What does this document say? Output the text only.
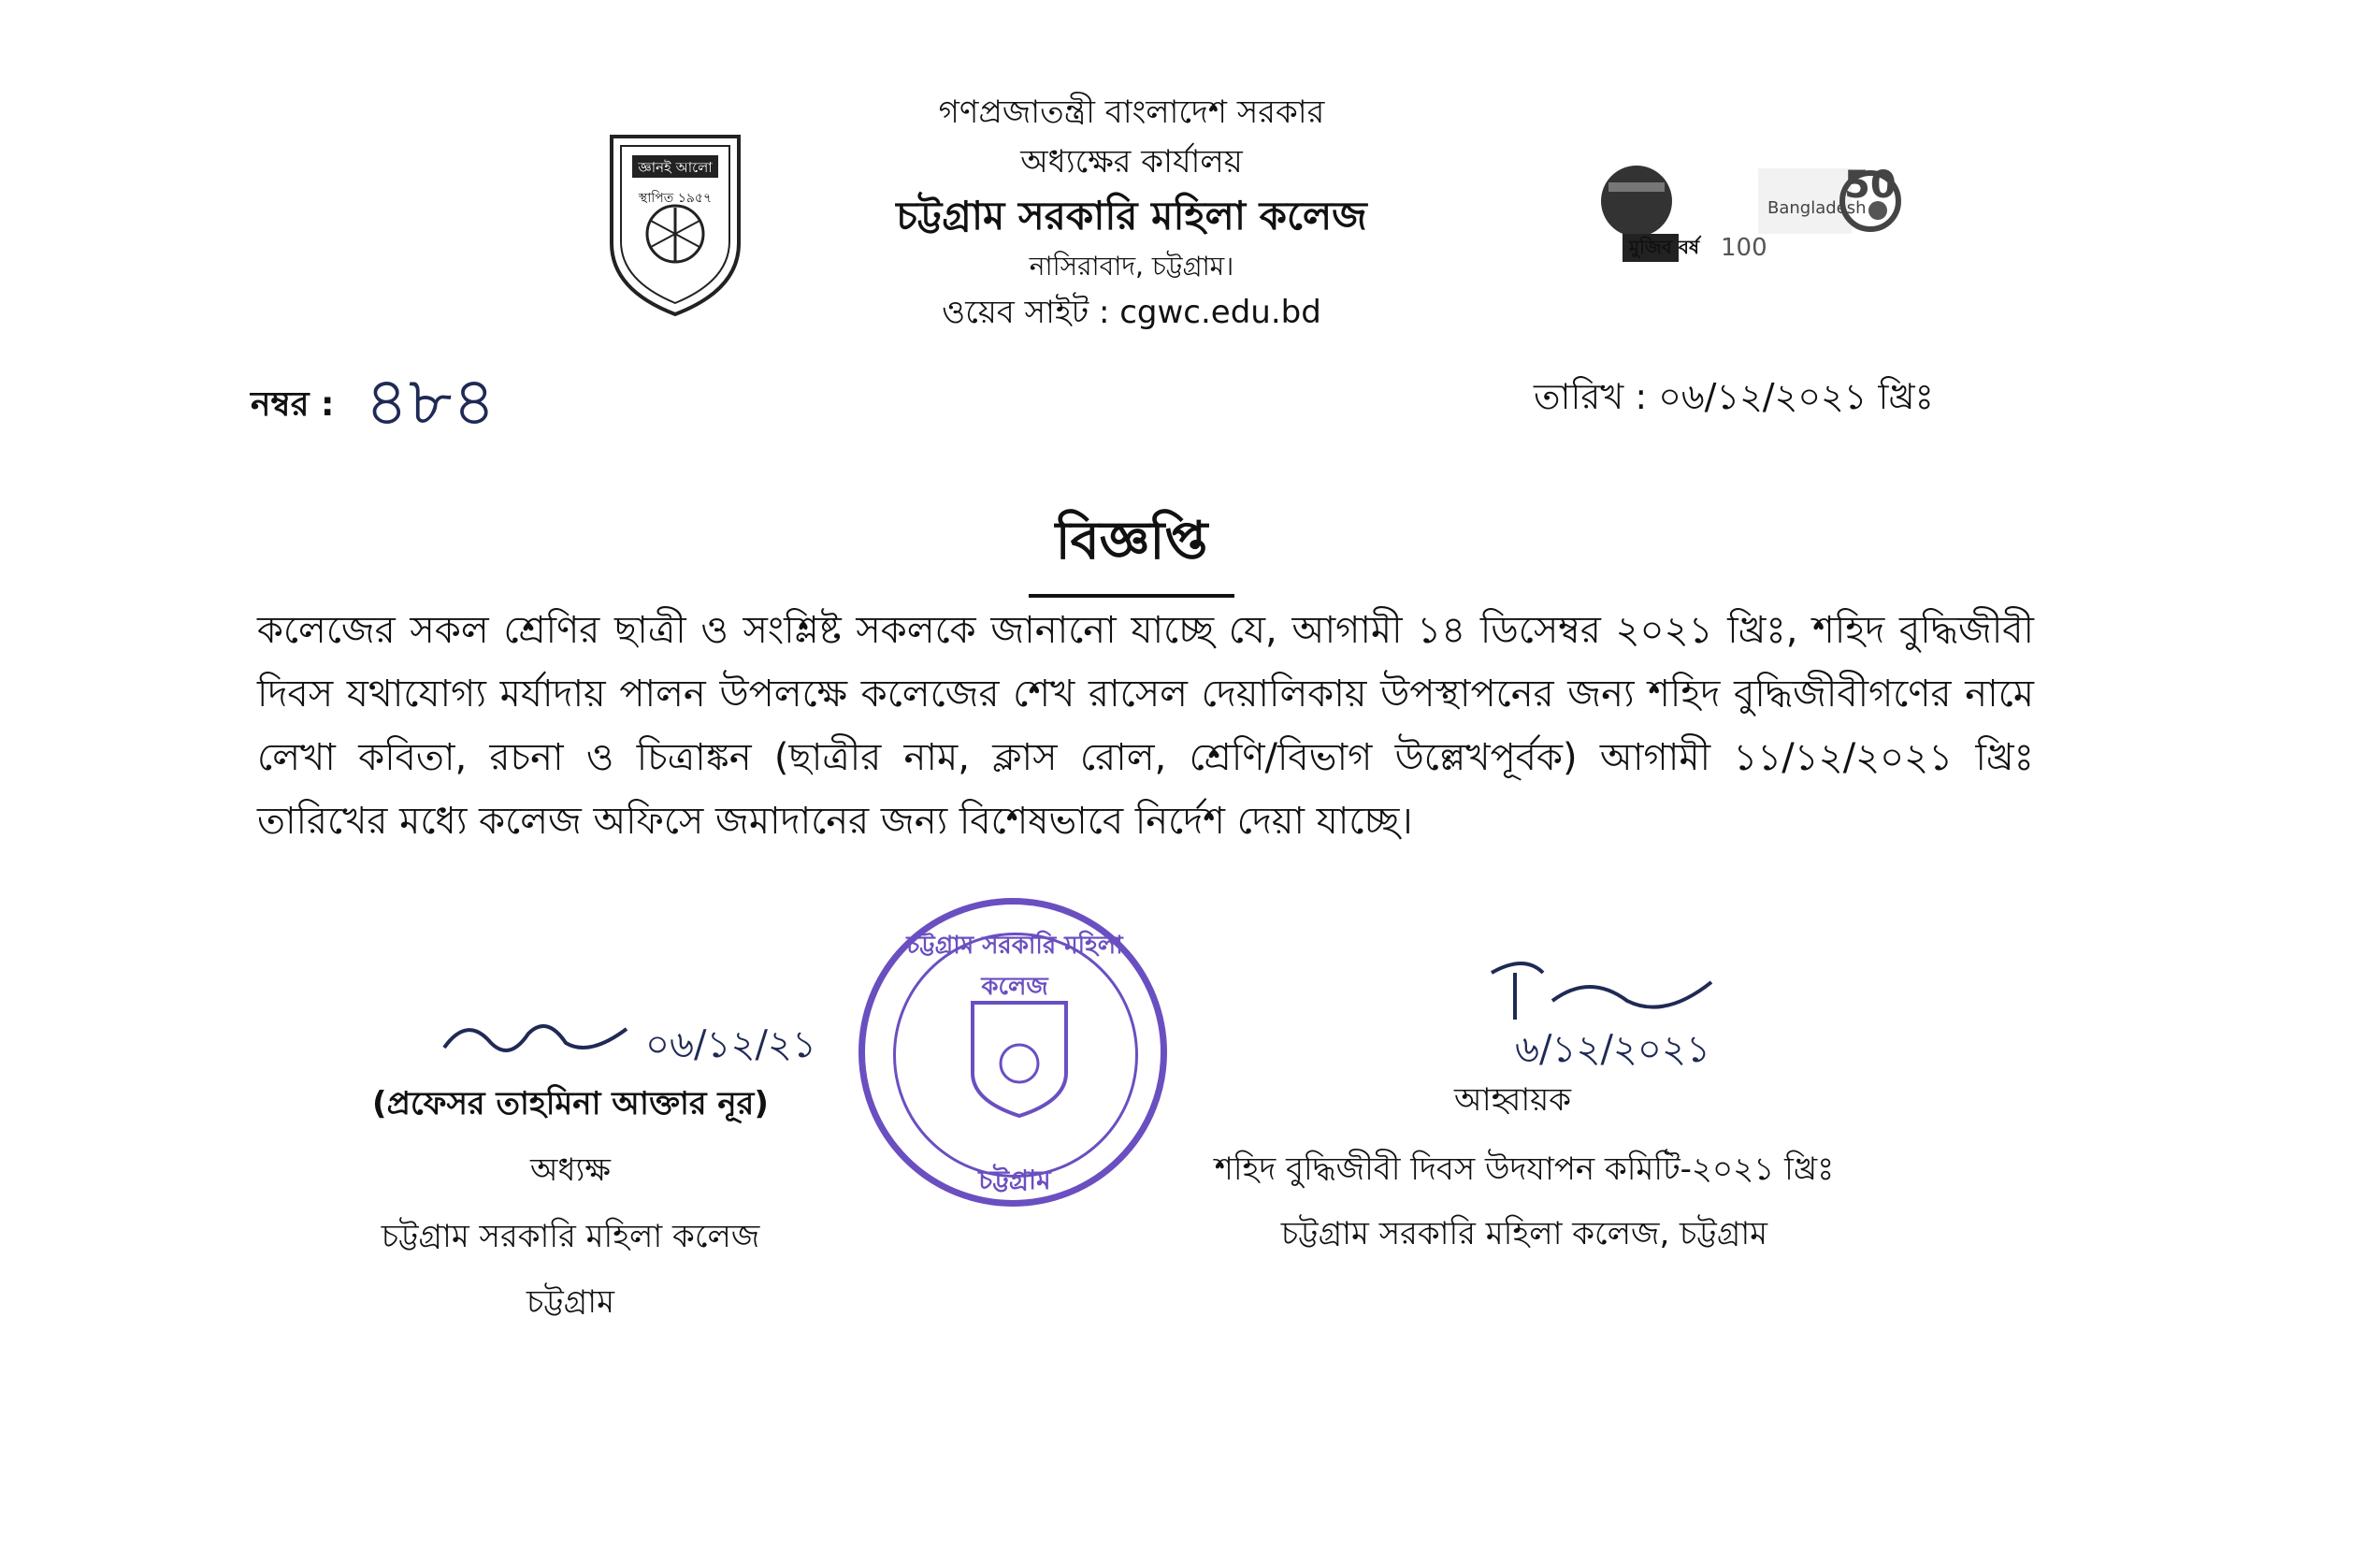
গণপ্রজাতন্ত্রী বাংলাদেশ সরকার
অধ্যক্ষের কার্যালয়
চট্টগ্রাম সরকারি মহিলা কলেজ
নাসিরাবাদ, চট্টগ্রাম।
ওয়েব সাইট : cgwc.edu.bd
জ্ঞানই আলো
স্থাপিত ১৯৫৭
মুজিব বর্ষ 100
Bangladesh
50
নম্বর : ৪৮৪	তারিখ : ০৬/১২/২০২১ খ্রিঃ
বিজ্ঞপ্তি
কলেজের সকল শ্রেণির ছাত্রী ও সংশ্লিষ্ট সকলকে জানানো যাচ্ছে যে, আগামী ১৪ ডিসেম্বর ২০২১ খ্রিঃ, শহিদ বুদ্ধিজীবী দিবস যথাযোগ্য মর্যাদায় পালন উপলক্ষে কলেজের শেখ রাসেল দেয়ালিকায় উপস্থাপনের জন্য শহিদ বুদ্ধিজীবীগণের নামে লেখা কবিতা, রচনা ও চিত্রাঙ্কন (ছাত্রীর নাম, ক্লাস রোল, শ্রেণি/বিভাগ উল্লেখপূর্বক) আগামী ১১/১২/২০২১ খ্রিঃ তারিখের মধ্যে কলেজ অফিসে জমাদানের জন্য বিশেষভাবে নির্দেশ দেয়া যাচ্ছে।
চট্টগ্রাম সরকারি মহিলা কলেজ
চট্টগ্রাম
০৬/১২/২১
(প্রফেসর তাহমিনা আক্তার নূর)
অধ্যক্ষ
চট্টগ্রাম সরকারি মহিলা কলেজ
চট্টগ্রাম
৬/১২/২০২১
আহ্বায়ক
শহিদ বুদ্ধিজীবী দিবস উদযাপন কমিটি-২০২১ খ্রিঃ
চট্টগ্রাম সরকারি মহিলা কলেজ, চট্টগ্রাম
